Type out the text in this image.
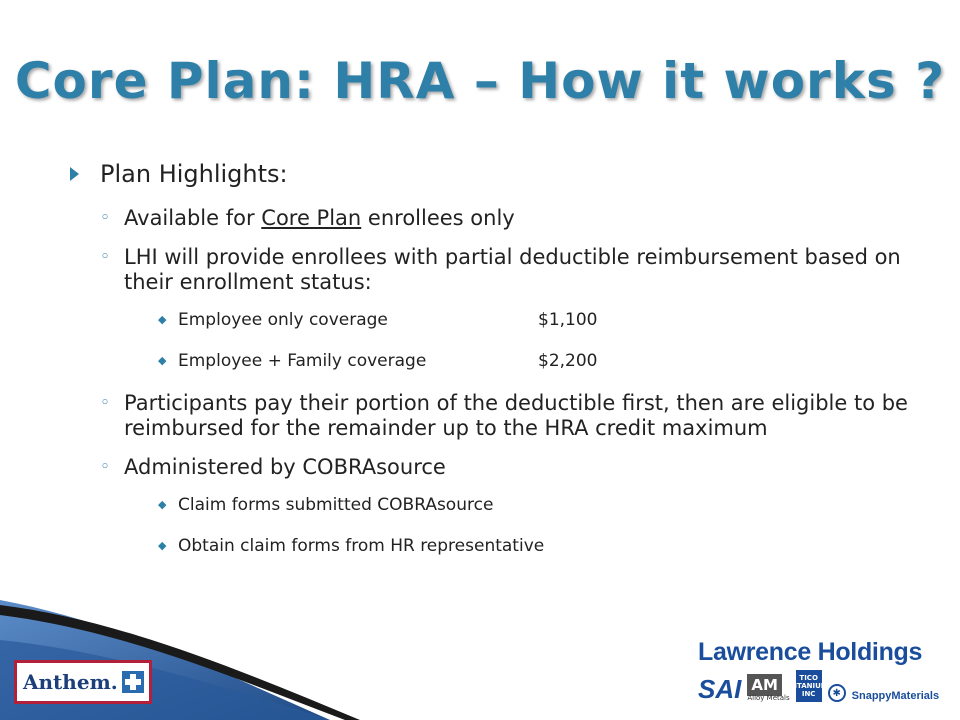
Core Plan: HRA – How it works ?
Plan Highlights:
◦ Available for Core Plan enrollees only
◦ LHI will provide enrollees with partial deductible reimbursement based on their enrollment status:
◆ Employee only coverage	$1,100
◆ Employee + Family coverage	$2,200
◦ Participants pay their portion of the deductible first, then are eligible to be reimbursed for the remainder up to the HRA credit maximum
◦ Administered by COBRAsource
◆ Claim forms submitted COBRAsource
◆ Obtain claim forms from HR representative
Anthem.
Lawrence Holdings
SAI AM
Alloy Metals
TICO
TITANIUM
INC	✱ SnappyMaterials
